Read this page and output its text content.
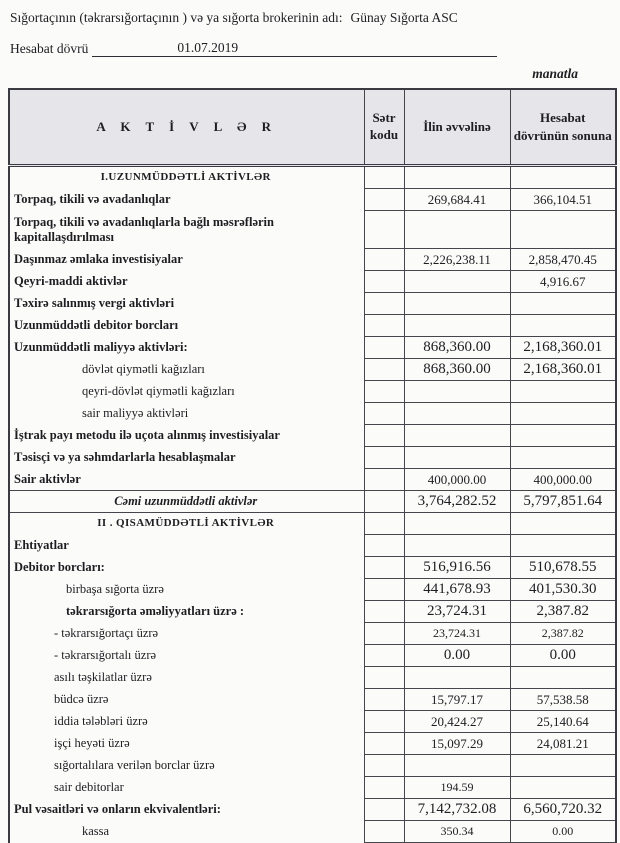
Sığortaçının (təkrarsığortaçının ) və ya sığorta brokerinin adı: Günay Sığorta ASC
Hesabat dövrü	01.07.2019
manatla
A K T İ V L Ə R	Sətr kodu	İlin əvvəlinə	Hesabat dövrünün sonuna
I.UZUNMÜDDƏTLİ AKTİVLƏR			
Torpaq, tikili və avadanlıqlar		269,684.41	366,104.51
Torpaq, tikili və avadanlıqlarla bağlı məsrəflərin kapitallaşdırılması			
Daşınmaz əmlaka investisiyalar		2,226,238.11	2,858,470.45
Qeyri-maddi aktivlər			4,916.67
Təxirə salınmış vergi aktivləri			
Uzunmüddətli debitor borcları			
Uzunmüddətli maliyyə aktivləri:		868,360.00	2,168,360.01
dövlət qiymətli kağızları		868,360.00	2,168,360.01
qeyri-dövlət qiymətli kağızları			
sair maliyyə aktivləri			
İştrak payı metodu ilə uçota alınmış investisiyalar			
Təsisçi və ya səhmdarlarla hesablaşmalar			
Sair aktivlər		400,000.00	400,000.00
Cəmi uzunmüddətli aktivlər		3,764,282.52	5,797,851.64
II . QISAMÜDDƏTLİ AKTİVLƏR			
Ehtiyatlar			
Debitor borcları:		516,916.56	510,678.55
birbaşa sığorta üzrə		441,678.93	401,530.30
təkrarsığorta əməliyyatları üzrə :		23,724.31	2,387.82
- təkrarsığortaçı üzrə		23,724.31	2,387.82
- təkrarsığortalı üzrə		0.00	0.00
asılı təşkilatlar üzrə			
büdcə üzrə		15,797.17	57,538.58
iddia tələbləri üzrə		20,424.27	25,140.64
işçi heyəti üzrə		15,097.29	24,081.21
sığortalılara verilən borclar üzrə			
sair debitorlar		194.59	
Pul vəsaitləri və onların ekvivalentləri:		7,142,732.08	6,560,720.32
kassa		350.34	0.00
